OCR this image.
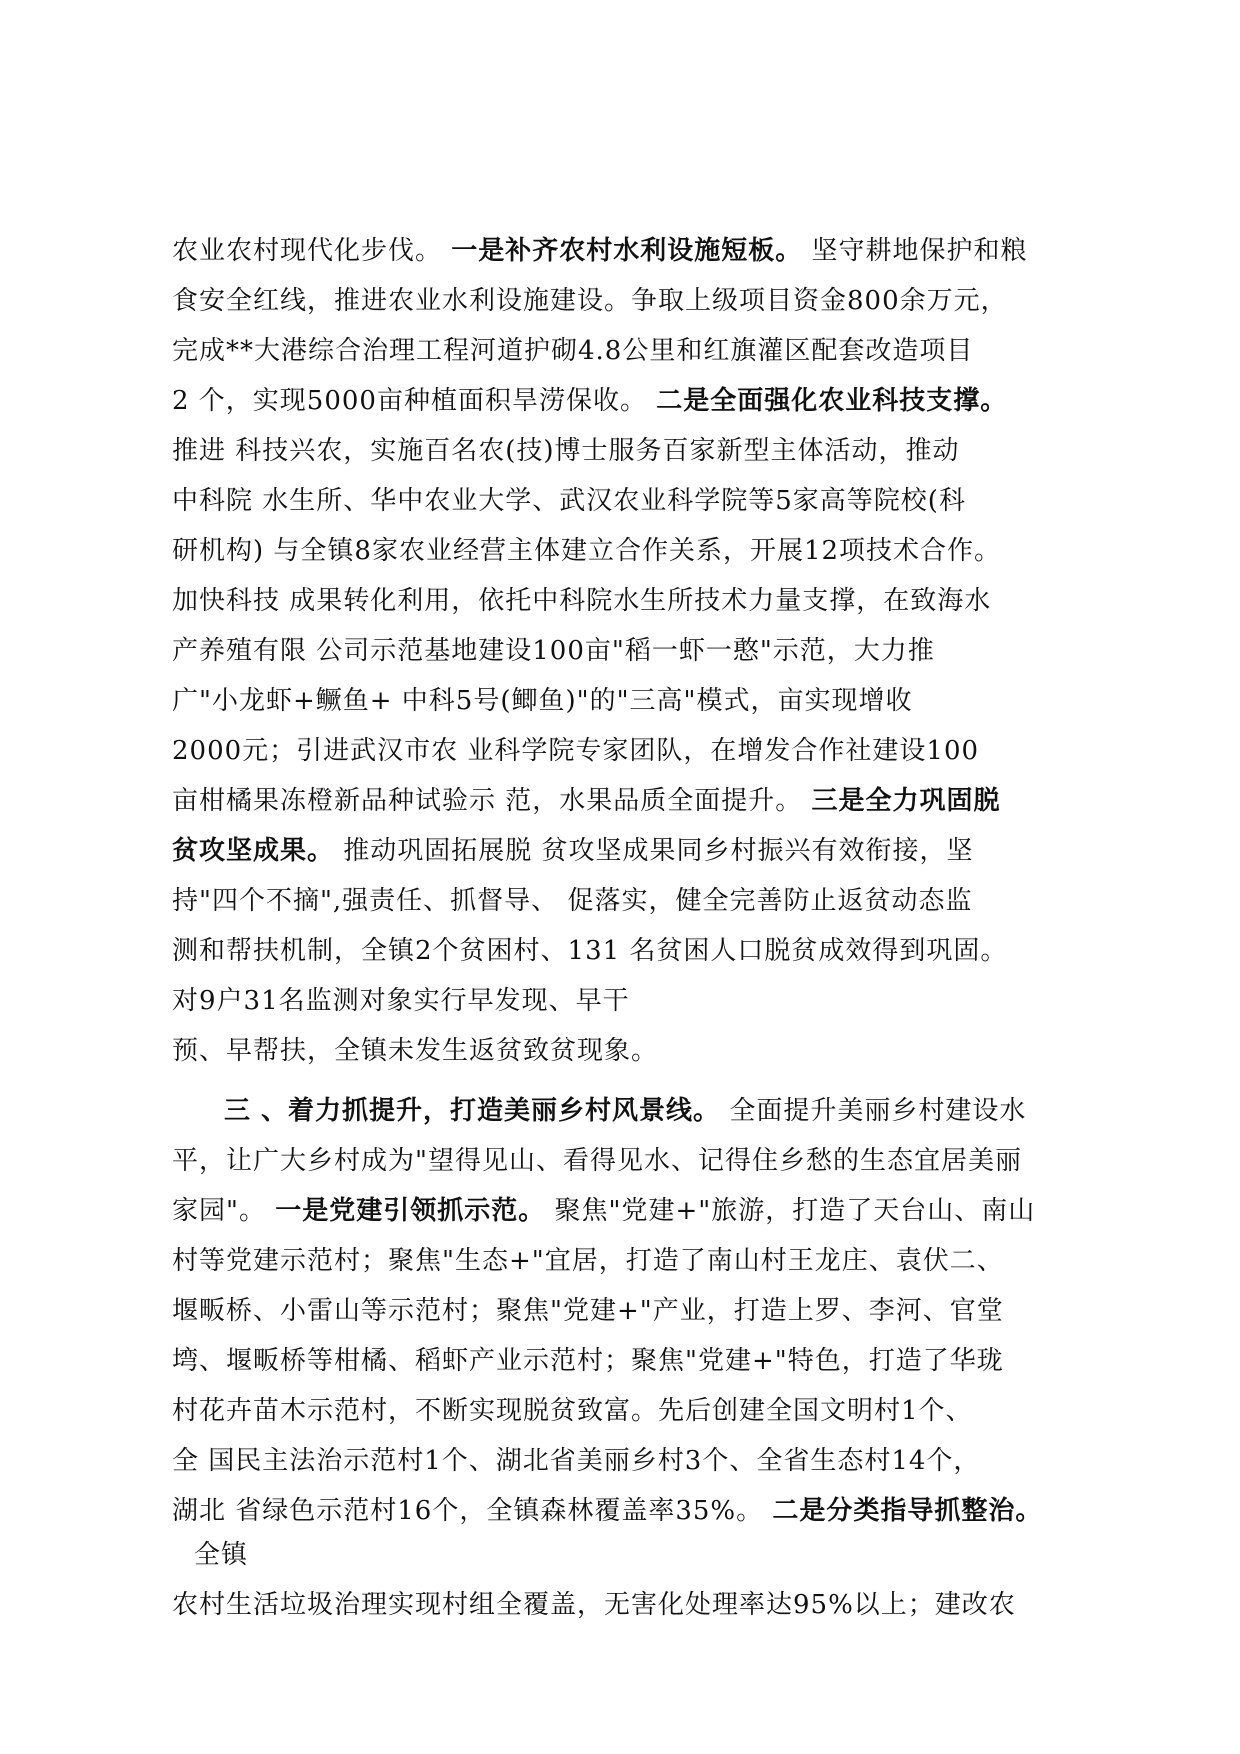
农业农村现代化步伐。 一是补齐农村水利设施短板。 坚守耕地保护和粮
食安全红线，推进农业水利设施建设。争取上级项目资金800余万元，
完成**大港综合治理工程河道护砌4.8公里和红旗灌区配套改造项目
2 个，实现5000亩种植面积旱涝保收。 二是全面强化农业科技支撑。
推进 科技兴农，实施百名农(技)博士服务百家新型主体活动，推动
中科院 水生所、华中农业大学、武汉农业科学院等5家高等院校(科
研机构) 与全镇8家农业经营主体建立合作关系，开展12项技术合作。
加快科技 成果转化利用，依托中科院水生所技术力量支撑，在致海水
产养殖有限 公司示范基地建设100亩"稻一虾一憨"示范，大力推
广"小龙虾+鳜鱼+ 中科5号(鲫鱼)"的"三高"模式，亩实现增收
2000元；引进武汉市农 业科学院专家团队，在增发合作社建设100
亩柑橘果冻橙新品种试验示 范，水果品质全面提升。 三是全力巩固脱
贫攻坚成果。 推动巩固拓展脱 贫攻坚成果同乡村振兴有效衔接，坚
持"四个不摘",强责任、抓督导、 促落实，健全完善防止返贫动态监
测和帮扶机制，全镇2个贫困村、131 名贫困人口脱贫成效得到巩固。
对9户31名监测对象实行早发现、早干
预、早帮扶，全镇未发生返贫致贫现象。
三 、着力抓提升，打造美丽乡村风景线。 全面提升美丽乡村建设水
平，让广大乡村成为"望得见山、看得见水、记得住乡愁的生态宜居美丽
家园"。 一是党建引领抓示范。 聚焦"党建+"旅游，打造了天台山、南山
村等党建示范村；聚焦"生态+"宜居，打造了南山村王龙庄、袁伏二、
堰畈桥、小雷山等示范村；聚焦"党建+"产业，打造上罗、李河、官堂
塆、堰畈桥等柑橘、稻虾产业示范村；聚焦"党建+"特色，打造了华珑
村花卉苗木示范村，不断实现脱贫致富。先后创建全国文明村1个、
全 国民主法治示范村1个、湖北省美丽乡村3个、全省生态村14个，
湖北 省绿色示范村16个，全镇森林覆盖率35%。 二是分类指导抓整治。
全镇
农村生活垃圾治理实现村组全覆盖，无害化处理率达95%以上；建改农
